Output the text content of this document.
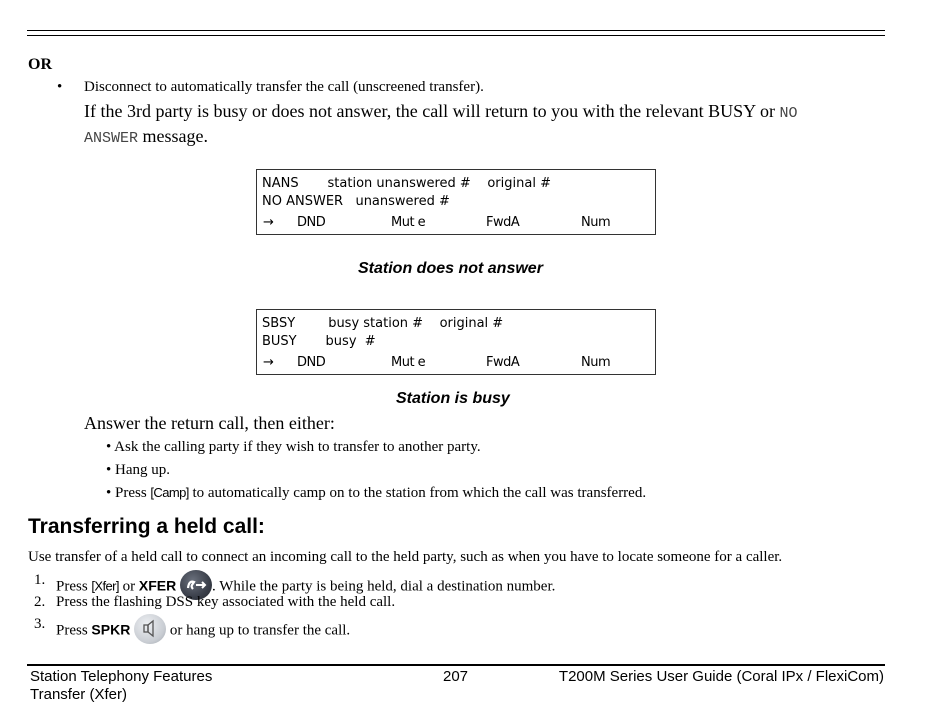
OR
• Disconnect to automatically transfer the call (unscreened transfer).
If the 3rd party is busy or does not answer, the call will return to you with the relevant BUSY or NO
ANSWER message.
NANS       station unanswered #    original #
NO ANSWER   unanswered #
→ DND	Mut e	FwdA	Num
Station does not answer
SBSY        busy station #    original #
BUSY       busy  #
→ DND	Mut e	FwdA	Num
Station is busy
Answer the return call, then either:
• Ask the calling party if they wish to transfer to another party.
• Hang up.
• Press [Camp] to automatically camp on to the station from which the call was transferred.
Transferring a held call:
Use transfer of a held call to connect an incoming call to the held party, such as when you have to locate someone for a caller.
1. Press [Xfer] or XFER . While the party is being held, dial a destination number.
2. Press the flashing DSS key associated with the held call.
3. Press SPKR	or hang up to transfer the call.
Station Telephony Features
Transfer (Xfer)
207	T200M Series User Guide (Coral IPx / FlexiCom)
